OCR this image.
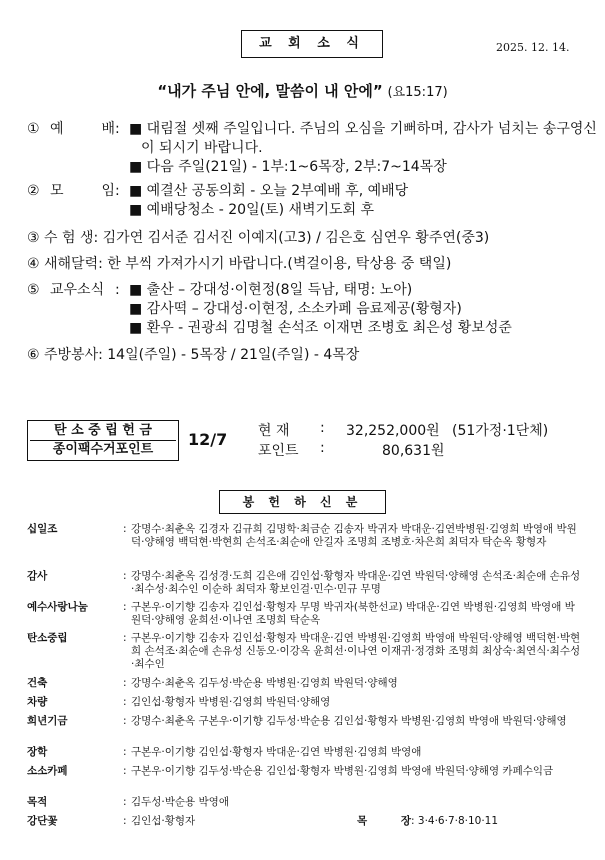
교 회 소 식	2025. 12. 14.
“내가 주님 안에, 말씀이 내 안에” (요15:17)
① 예 배: ■ 대림절 셋째 주일입니다. 주님의 오심을 기뻐하며, 감사가 넘치는 송구영신이 되시기 바랍니다.
■ 다음 주일(21일) - 1부:1~6목장, 2부:7~14목장
② 모 임: ■ 예결산 공동의회 - 오늘 2부예배 후, 예배당
■ 예배당청소 - 20일(토) 새벽기도회 후
③ 수 험 생: 김가연 김서준 김서진 이예지(고3) / 김은호 심연우 황주연(중3)
④ 새해달력: 한 부씩 가져가시기 바랍니다.(벽걸이용, 탁상용 중 택일)
⑤ 교우소식 : ■ 출산 – 강대성·이현정(8일 득남, 태명: 노아)
■ 감사떡 – 강대성·이현정, 소소카페 음료제공(황형자)
■ 환우 - 권광쇠 김명철 손석조 이재면 조병호 최은성 황보성준
⑥ 주방봉사: 14일(주일) - 5목장 / 21일(주일) - 4목장
탄 소 중 립 헌 금
종이팩수거포인트
12/7 현 재 : 32,252,000원 (51가정·1단체)
포인트 :	80,631원
봉 헌 하 신 분
십일조	: 강명수·최춘옥 김경자 김규희 김명학·최금순 김송자 박귀자 박대운·김연박병원·김영희 박영애 박원덕·양해영 백덕현·박현희 손석조·최순애 안길자 조명희 조병호·차은희 최덕자 탁순옥 황형자
감사	: 강명수·최춘옥 김성경·도희 김은애 김인섭·황형자 박대운·김연 박원덕·양해영 손석조·최순애 손유성·최수성·최수인 이순하 최덕자 황보인걸·민수·민규 무명
예수사랑나눔	: 구본우·이기향 김송자 김인섭·황형자 무명 박귀자(북한선교) 박대운·김연 박병원·김영희 박영애 박원덕·양해영 윤희선·이나연 조명희 탁순옥
탄소중립	: 구본우·이기향 김송자 김인섭·황형자 박대운·김연 박병원·김영희 박영애 박원덕·양해영 백덕현·박현희 손석조·최순애 손유성 신동오·이강옥 윤희선·이나연 이재귀·정경화 조명희 최상숙·최연식·최수성·최수인
건축	: 강명수·최춘옥 김두성·박순용 박병원·김영희 박원덕·양해영
차량	: 김인섭·황형자 박병원·김영희 박원덕·양해영
희년기금	: 강명수·최춘옥 구본우·이기향 김두성·박순용 김인섭·황형자 박병원·김영희 박영애 박원덕·양해영
장학	: 구본우·이기향 김인섭·황형자 박대운·김연 박병원·김영희 박영애
소소카페	: 구본우·이기향 김두성·박순용 김인섭·황형자 박병원·김영희 박영애 박원덕·양해영 카페수익금
목적	: 김두성·박순용 박영애
강단꽃	: 김인섭·황형자	목 장: 3·4·6·7·8·10·11
